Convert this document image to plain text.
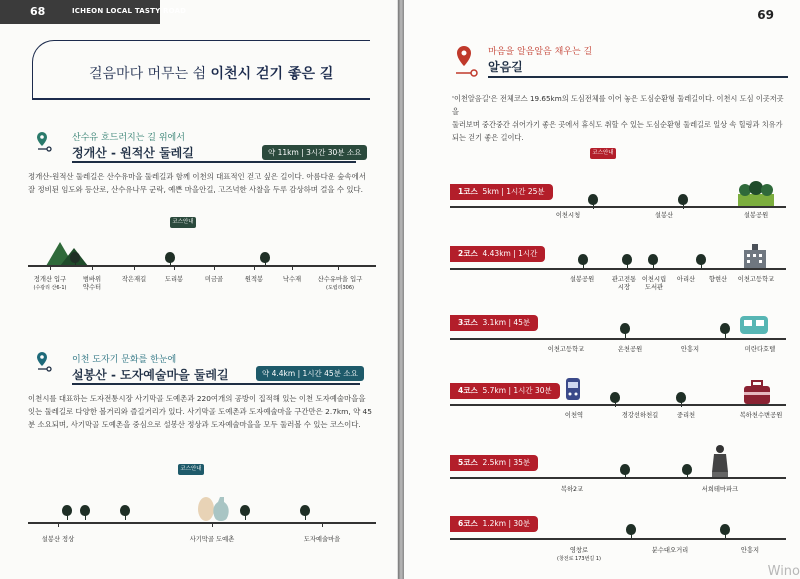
68	ICHEON LOCAL TASTY ROAD
걸음마다 머무는 쉼 이천시 걷기 좋은 길
산수유 흐드러지는 길 위에서
정개산 - 원적산 둘레길	약 11km | 3시간 30분 소요
정개산-원적산 둘레길은 산수유마을 둘레길과 함께 이천의 대표적인 걷고 싶은 길이다. 아름다운 숲속에서
잘 정비된 임도와 등산로, 산수유나무 군락, 예쁜 마을안길, 고즈넉한 사찰을 두루 감상하며 걸을 수 있다.
코스안내
정개산 입구
(수광리 산6-1)
범바위
약수터
작은재길	도리봉	미금골	원적봉	낙수재	산수유마을 입구
(도립리306)
이천 도자기 문화를 한눈에
설봉산 - 도자예술마을 둘레길	약 4.4km | 1시간 45분 소요
이천시를 대표하는 도자전통시장 사기막골 도예촌과 220여개의 공방이 집적해 있는 이천 도자예술마을을
잇는 둘레길로 다양한 볼거리와 즐길거리가 있다. 사기막골 도예촌과 도자예술마을 구간만은 2.7km, 약 45
분 소요되며, 사기막골 도예촌을 중심으로 설봉산 정상과 도자예술마을을 모두 둘러볼 수 있는 코스이다.
코스안내
설봉산 정상	사기막골 도예촌	도자예술마을
69
마음을 알음알음 채우는 길
알음길
'이천알음길'은 전체코스 19.65km의 도심전체를 이어 놓은 도심순환형 둘레길이다. 이천시 도심 이곳저곳을
둘러보며 중간중간 쉬어가기 좋은 곳에서 휴식도 취할 수 있는 도심순환형 둘레길로 일상 속 힐링과 치유가
되는 걷기 좋은 길이다.
코스안내
1코스 5km | 1시간 25분
이천시청	설봉산	설봉공원
2코스 4.43km | 1시간
설봉공원	관고전통
시장
이천시립
도서관
아리산	향현산	이천고등학교
3코스 3.1km | 45분
이천고등학교	온천공원	안흥지	미란다호텔
4코스 5.7km | 1시간 30분
이천역	경강선하천길	중리천	복하천수변공원
5코스 2.5km | 35분
복하2교	서희테마파크
6코스 1.2km | 30분
영창로
(창전로 173번길 1)
분수대오거리	안흥지
Wino
